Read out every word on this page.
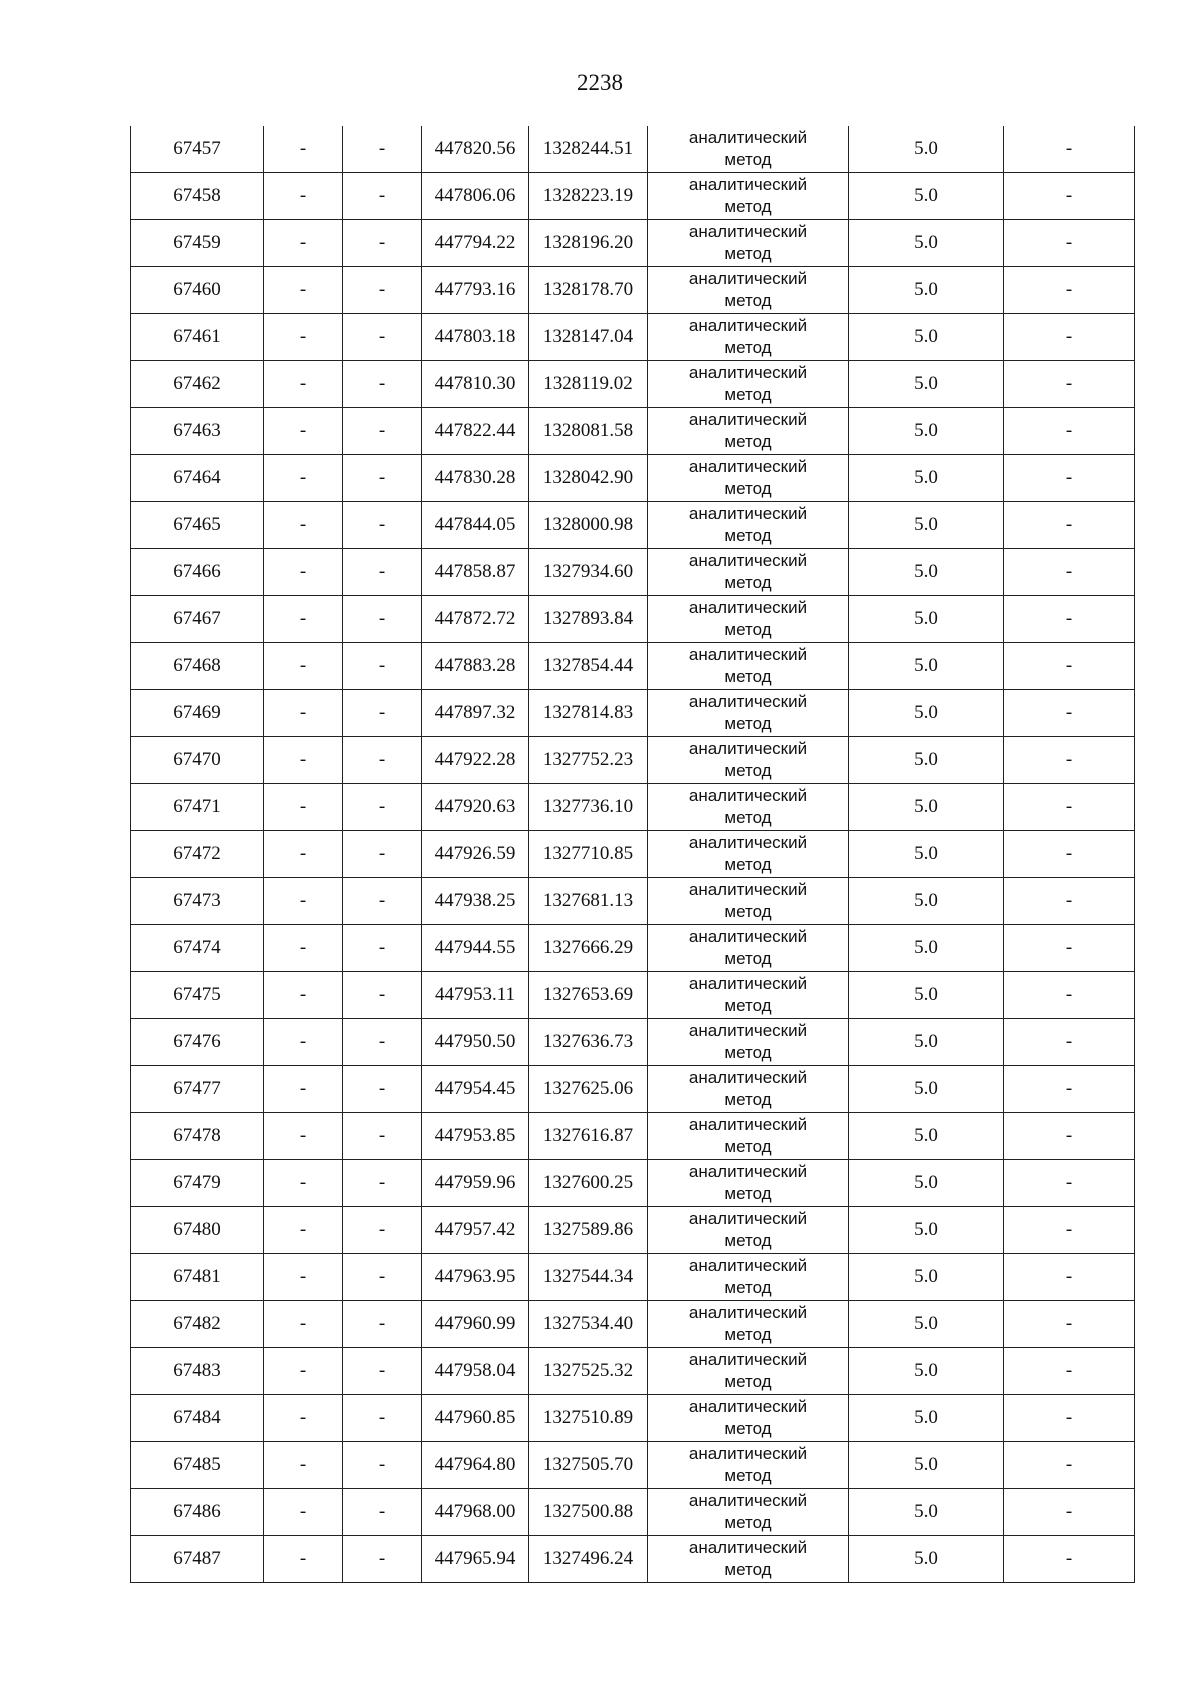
2238
67457	-	-	447820.56	1328244.51	аналитический
метод	5.0	-
67458	-	-	447806.06	1328223.19	аналитический
метод	5.0	-
67459	-	-	447794.22	1328196.20	аналитический
метод	5.0	-
67460	-	-	447793.16	1328178.70	аналитический
метод	5.0	-
67461	-	-	447803.18	1328147.04	аналитический
метод	5.0	-
67462	-	-	447810.30	1328119.02	аналитический
метод	5.0	-
67463	-	-	447822.44	1328081.58	аналитический
метод	5.0	-
67464	-	-	447830.28	1328042.90	аналитический
метод	5.0	-
67465	-	-	447844.05	1328000.98	аналитический
метод	5.0	-
67466	-	-	447858.87	1327934.60	аналитический
метод	5.0	-
67467	-	-	447872.72	1327893.84	аналитический
метод	5.0	-
67468	-	-	447883.28	1327854.44	аналитический
метод	5.0	-
67469	-	-	447897.32	1327814.83	аналитический
метод	5.0	-
67470	-	-	447922.28	1327752.23	аналитический
метод	5.0	-
67471	-	-	447920.63	1327736.10	аналитический
метод	5.0	-
67472	-	-	447926.59	1327710.85	аналитический
метод	5.0	-
67473	-	-	447938.25	1327681.13	аналитический
метод	5.0	-
67474	-	-	447944.55	1327666.29	аналитический
метод	5.0	-
67475	-	-	447953.11	1327653.69	аналитический
метод	5.0	-
67476	-	-	447950.50	1327636.73	аналитический
метод	5.0	-
67477	-	-	447954.45	1327625.06	аналитический
метод	5.0	-
67478	-	-	447953.85	1327616.87	аналитический
метод	5.0	-
67479	-	-	447959.96	1327600.25	аналитический
метод	5.0	-
67480	-	-	447957.42	1327589.86	аналитический
метод	5.0	-
67481	-	-	447963.95	1327544.34	аналитический
метод	5.0	-
67482	-	-	447960.99	1327534.40	аналитический
метод	5.0	-
67483	-	-	447958.04	1327525.32	аналитический
метод	5.0	-
67484	-	-	447960.85	1327510.89	аналитический
метод	5.0	-
67485	-	-	447964.80	1327505.70	аналитический
метод	5.0	-
67486	-	-	447968.00	1327500.88	аналитический
метод	5.0	-
67487	-	-	447965.94	1327496.24	аналитический
метод	5.0	-
